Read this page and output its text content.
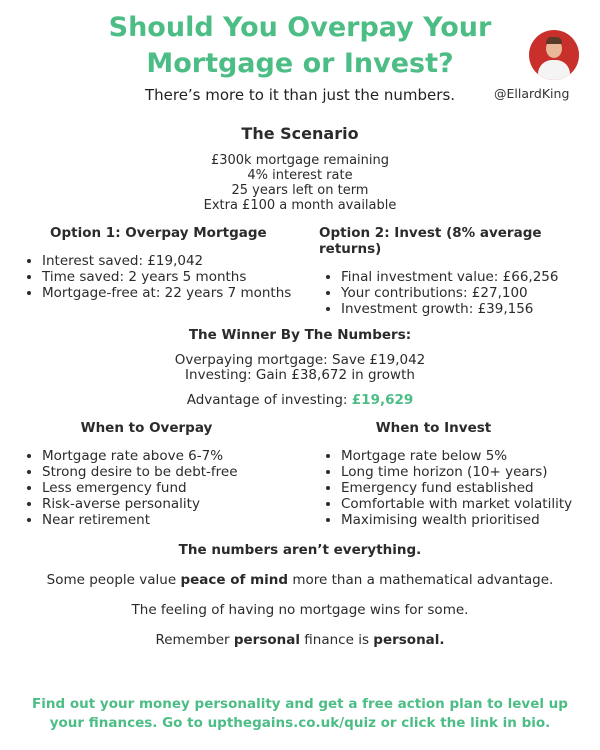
Should You Overpay Your
Mortgage or Invest?

There’s more to it than just the numbers.	@EllardKing
The Scenario
£300k mortgage remaining
4% interest rate
25 years left on term
Extra £100 a month available
Option 1: Overpay Mortgage
• Interest saved: £19,042
• Time saved: 2 years 5 months
• Mortgage-free at: 22 years 7 months
Option 2: Invest (8% average returns)
• Final investment value: £66,256
• Your contributions: £27,100
• Investment growth: £39,156
The Winner By The Numbers:
Overpaying mortgage: Save £19,042
Investing: Gain £38,672 in growth
Advantage of investing: £19,629
When to Overpay
• Mortgage rate above 6-7%
• Strong desire to be debt-free
• Less emergency fund
• Risk-averse personality
• Near retirement
When to Invest
• Mortgage rate below 5%
• Long time horizon (10+ years)
• Emergency fund established
• Comfortable with market volatility
• Maximising wealth prioritised
The numbers aren’t everything.

Some people value peace of mind more than a mathematical advantage.

The feeling of having no mortgage wins for some.

Remember personal finance is personal.

Find out your money personality and get a free action plan to level up
your finances. Go to upthegains.co.uk/quiz or click the link in bio.
